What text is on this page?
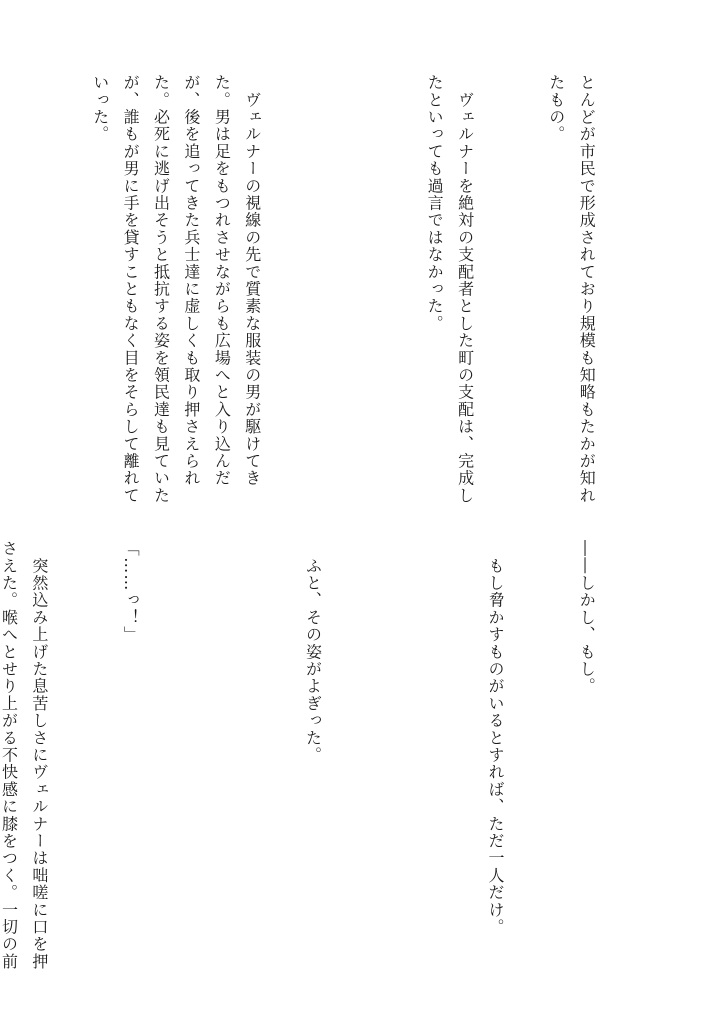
とんどが市民で形成されており規模も知略もたかが知れたもの。

　ヴェルナーを絶対の支配者とした町の支配は、完成したといっても過言ではなかった。

　ヴェルナーの視線の先で質素な服装の男が駆けてきた。男は足をもつれさせながらも広場へと入り込んだが、後を追ってきた兵士達に虚しくも取り押さえられた。必死に逃げ出そうと抵抗する姿を領民達も見ていたが、誰もが男に手を貸すこともなく目をそらして離れていった。

――しかし、もし。

　もし脅かすものがいるとすれば、ただ一人だけ。

　ふと、その姿がよぎった。

「……っ！」

　突然込み上げた息苦しさにヴェルナーは咄嗟に口を押さえた。喉へとせり上がる不快感に膝をつく。一切の前
